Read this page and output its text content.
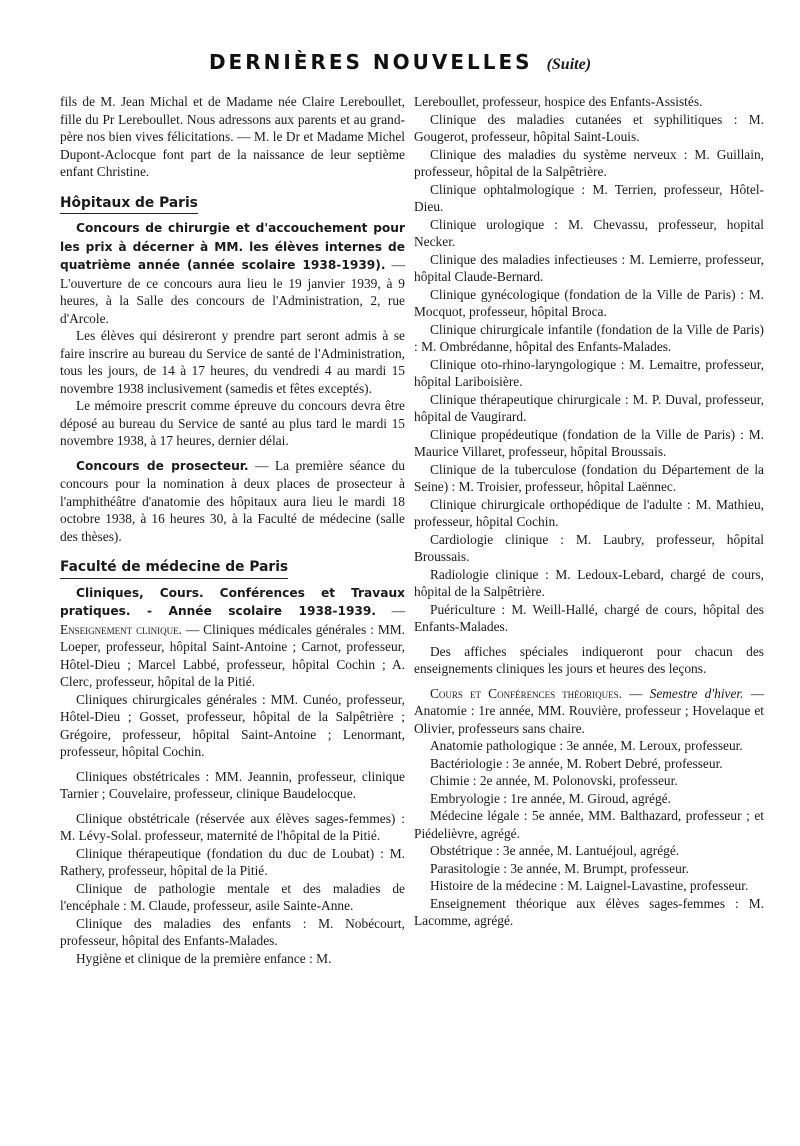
DERNIÈRES NOUVELLES (Suite)

fils de M. Jean Michal et de Madame née Claire Lereboullet, fille du Pr Lereboullet. Nous adressons aux parents et au grand-père nos bien vives félicitations. — M. le Dr et Madame Michel Dupont-Aclocque font part de la naissance de leur septième enfant Christine.

Hôpitaux de Paris

Concours de chirurgie et d'accouchement pour les prix à décerner à MM. les élèves internes de quatrième année (année scolaire 1938-1939). — L'ouverture de ce concours aura lieu le 19 janvier 1939, à 9 heures, à la Salle des concours de l'Administration, 2, rue d'Arcole.

Les élèves qui désireront y prendre part seront admis à se faire inscrire au bureau du Service de santé de l'Administration, tous les jours, de 14 à 17 heures, du vendredi 4 au mardi 15 novembre 1938 inclusivement (samedis et fêtes exceptés).

Le mémoire prescrit comme épreuve du concours devra être déposé au bureau du Service de santé au plus tard le mardi 15 novembre 1938, à 17 heures, dernier délai.

Concours de prosecteur. — La première séance du concours pour la nomination à deux places de prosecteur à l'amphithéâtre d'anatomie des hôpitaux aura lieu le mardi 18 octobre 1938, à 16 heures 30, à la Faculté de médecine (salle des thèses).

Faculté de médecine de Paris

Cliniques, Cours. Conférences et Travaux pratiques. - Année scolaire 1938-1939. — Enseignement clinique. — Cliniques médicales générales : MM. Loeper, professeur, hôpital Saint-Antoine ; Carnot, professeur, Hôtel-Dieu ; Marcel Labbé, professeur, hôpital Cochin ; A. Clerc, professeur, hôpital de la Pitié.

Cliniques chirurgicales générales : MM. Cunéo, professeur, Hôtel-Dieu ; Gosset, professeur, hôpital de la Salpêtrière ; Grégoire, professeur, hôpital Saint-Antoine ; Lenormant, professeur, hôpital Cochin.

Cliniques obstétricales : MM. Jeannin, professeur, clinique Tarnier ; Couvelaire, professeur, clinique Baudelocque.

Clinique obstétricale (réservée aux élèves sages-femmes) : M. Lévy-Solal. professeur, maternité de l'hôpital de la Pitié.

Clinique thérapeutique (fondation du duc de Loubat) : M. Rathery, professeur, hôpital de la Pitié.

Clinique de pathologie mentale et des maladies de l'encéphale : M. Claude, professeur, asile Sainte-Anne.

Clinique des maladies des enfants : M. Nobécourt, professeur, hôpital des Enfants-Malades.

Hygiène et clinique de la première enfance : M.

Lereboullet, professeur, hospice des Enfants-Assistés.

Clinique des maladies cutanées et syphilitiques : M. Gougerot, professeur, hôpital Saint-Louis.

Clinique des maladies du système nerveux : M. Guillain, professeur, hôpital de la Salpêtrière.

Clinique ophtalmologique : M. Terrien, professeur, Hôtel-Dieu.

Clinique urologique : M. Chevassu, professeur, hopital Necker.

Clinique des maladies infectieuses : M. Lemierre, professeur, hôpital Claude-Bernard.

Clinique gynécologique (fondation de la Ville de Paris) : M. Mocquot, professeur, hôpital Broca.

Clinique chirurgicale infantile (fondation de la Ville de Paris) : M. Ombrédanne, hôpital des Enfants-Malades.

Clinique oto-rhino-laryngologique : M. Lemaitre, professeur, hôpital Lariboisière.

Clinique thérapeutique chirurgicale : M. P. Duval, professeur, hôpital de Vaugirard.

Clinique propédeutique (fondation de la Ville de Paris) : M. Maurice Villaret, professeur, hôpital Broussais.

Clinique de la tuberculose (fondation du Département de la Seine) : M. Troisier, professeur, hôpital Laënnec.

Clinique chirurgicale orthopédique de l'adulte : M. Mathieu, professeur, hôpital Cochin.

Cardiologie clinique : M. Laubry, professeur, hôpital Broussais.

Radiologie clinique : M. Ledoux-Lebard, chargé de cours, hôpital de la Salpêtrière.

Puériculture : M. Weill-Hallé, chargé de cours, hôpital des Enfants-Malades.

Des affiches spéciales indiqueront pour chacun des enseignements cliniques les jours et heures des leçons.

Cours et Conférences théoriques. — Semestre d'hiver. — Anatomie : 1re année, MM. Rouvière, professeur ; Hovelaque et Olivier, professeurs sans chaire.

Anatomie pathologique : 3e année, M. Leroux, professeur.

Bactériologie : 3e année, M. Robert Debré, professeur.

Chimie : 2e année, M. Polonovski, professeur.

Embryologie : 1re année, M. Giroud, agrégé.

Médecine légale : 5e année, MM. Balthazard, professeur ; et Piédelièvre, agrégé.

Obstétrique : 3e année, M. Lantuéjoul, agrégé.

Parasitologie : 3e année, M. Brumpt, professeur.

Histoire de la médecine : M. Laignel-Lavastine, professeur.

Enseignement théorique aux élèves sages-femmes : M. Lacomme, agrégé.
